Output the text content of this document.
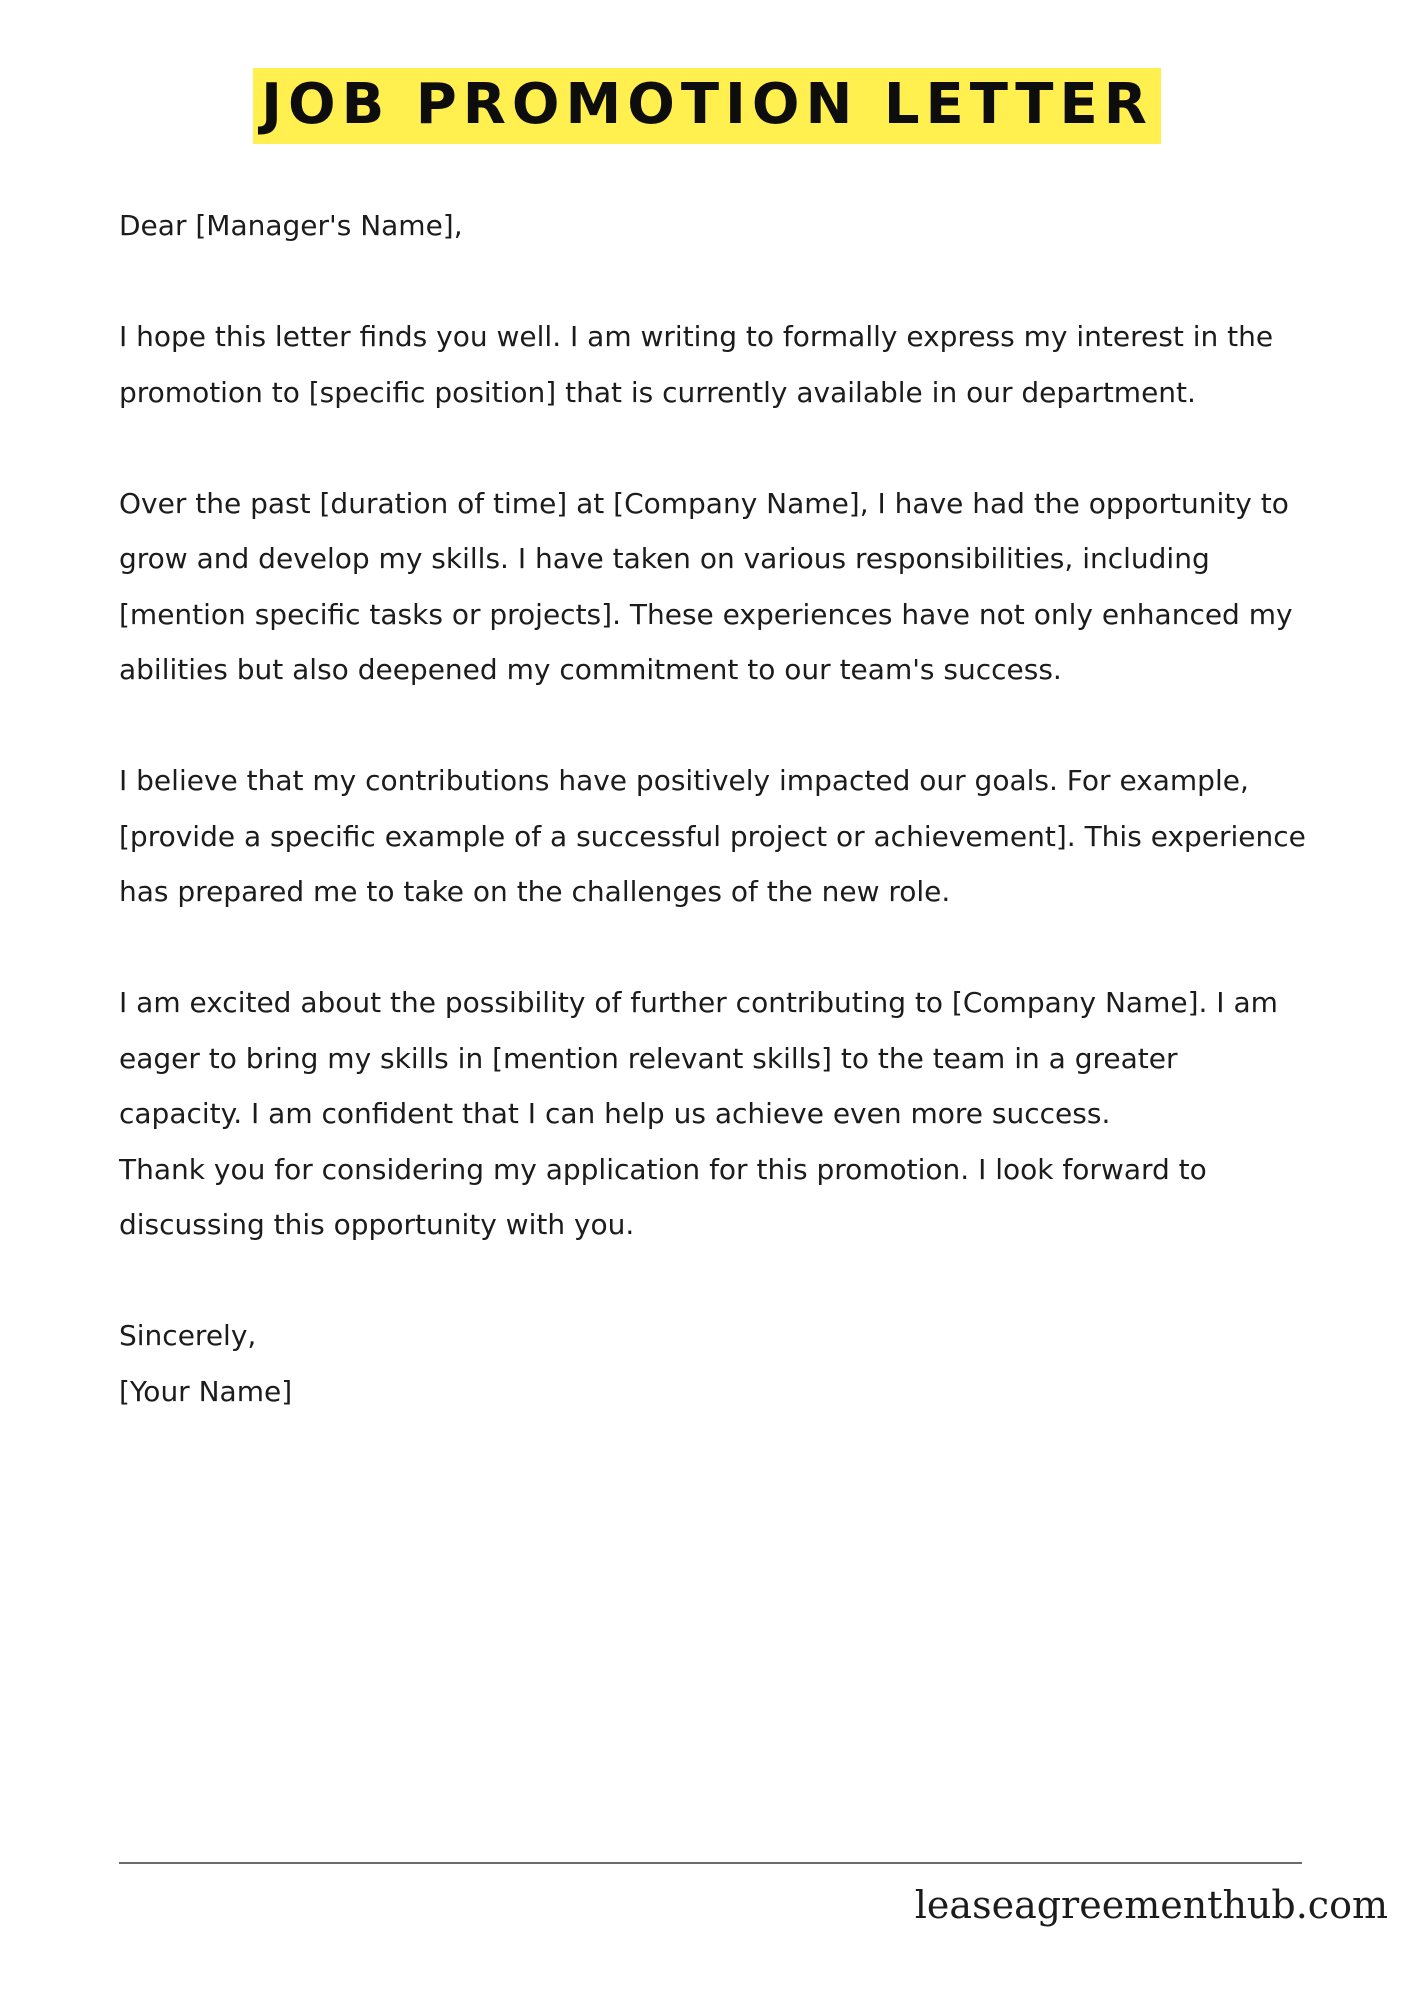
JOB PROMOTION LETTER

Dear [Manager's Name],

I hope this letter finds you well. I am writing to formally express my interest in the promotion to [specific position] that is currently available in our department.

Over the past [duration of time] at [Company Name], I have had the opportunity to grow and develop my skills. I have taken on various responsibilities, including [mention specific tasks or projects]. These experiences have not only enhanced my abilities but also deepened my commitment to our team's success.

I believe that my contributions have positively impacted our goals. For example, [provide a specific example of a successful project or achievement]. This experience has prepared me to take on the challenges of the new role.

I am excited about the possibility of further contributing to [Company Name]. I am eager to bring my skills in [mention relevant skills] to the team in a greater capacity. I am confident that I can help us achieve even more success.

Thank you for considering my application for this promotion. I look forward to discussing this opportunity with you.

Sincerely,

[Your Name]

leaseagreementhub.com
